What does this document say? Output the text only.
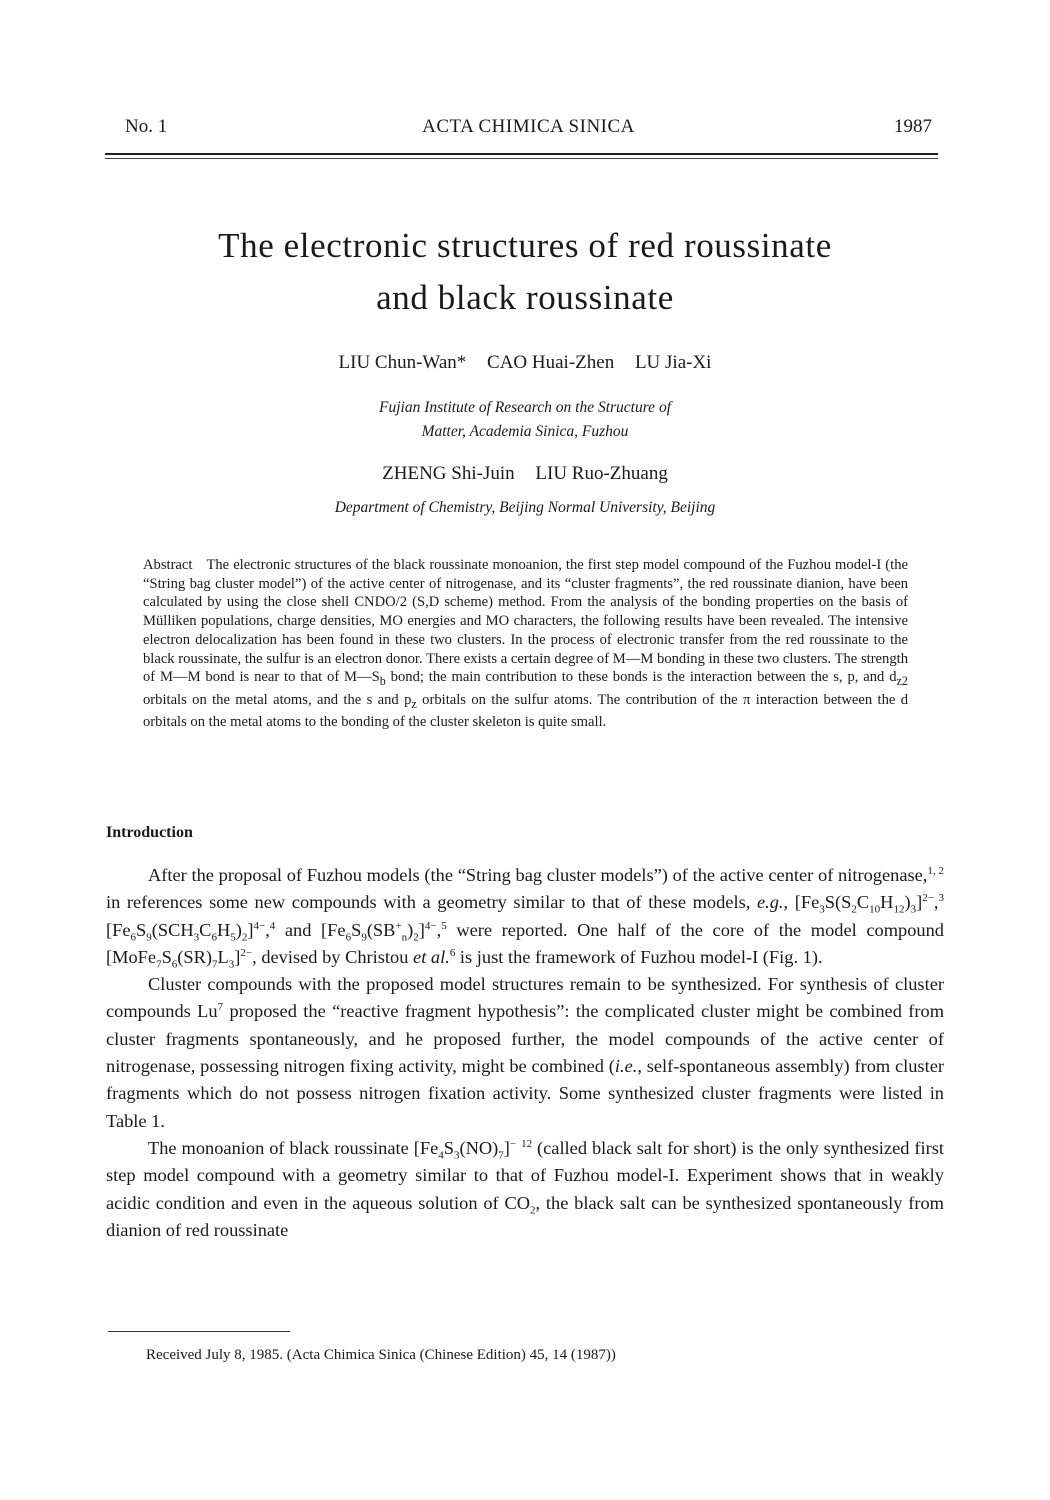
No. 1	ACTA CHIMICA SINICA	1987
The electronic structures of red roussinate
and black roussinate
LIU Chun-Wan* CAO Huai-Zhen LU Jia-Xi
Fujian Institute of Research on the Structure of
Matter, Academia Sinica, Fuzhou
ZHENG Shi-Juin LIU Ruo-Zhuang
Department of Chemistry, Beijing Normal University, Beijing
Abstract The electronic structures of the black roussinate monoanion, the first step model compound of the Fuzhou model-I (the “String bag cluster model”) of the active center of nitrogenase, and its “cluster fragments”, the red roussinate dianion, have been calculated by using the close shell CNDO/2 (S,D scheme) method. From the analysis of the bonding properties on the basis of Mülliken populations, charge densities, MO energies and MO characters, the following results have been revealed. The intensive electron delocalization has been found in these two clusters. In the process of electronic transfer from the red roussinate to the black roussinate, the sulfur is an electron donor. There exists a certain degree of M—M bonding in these two clusters. The strength of M—M bond is near to that of $M—S_b$ bond; the main contribution to these bonds is the interaction between the s, p, and $d_{z2}$ orbitals on the metal atoms, and the s and $p_z$ orbitals on the sulfur atoms. The contribution of the π interaction between the d orbitals on the metal atoms to the bonding of the cluster skeleton is quite small.
Introduction

After the proposal of Fuzhou models (the “String bag cluster models”) of the active center of nitrogenase,$^{1, 2}$ in references some new compounds with a geometry similar to that of these models, e.g., $[Fe_3S(S_2C_{10}H_{12})_3]^{2-},^3$ $[Fe_6S_9(SCH_3C_6H_5)_2]^{4-},^4$ and $[Fe_6S_9(SB^+_n)_2]^{4-},^5$ were reported. One half of the core of the model compound $[MoFe_7S_6(SR)_7L_3]^{2-}$, devised by Christou et al.$^6$ is just the framework of Fuzhou model-I (Fig. 1).

Cluster compounds with the proposed model structures remain to be synthesized. For synthesis of cluster compounds Lu$^7$ proposed the “reactive fragment hypothesis”: the complicated cluster might be combined from cluster fragments spontaneously, and he proposed further, the model compounds of the active center of nitrogenase, possessing nitrogen fixing activity, might be combined (i.e., self-spontaneous assembly) from cluster fragments which do not possess nitrogen fixation activity. Some synthesized cluster fragments were listed in Table 1.

The monoanion of black roussinate $[Fe_4S_3(NO)_7]^-$ $^{12}$ (called black salt for short) is the only synthesized first step model compound with a geometry similar to that of Fuzhou model-I. Experiment shows that in weakly acidic condition and even in the aqueous solution of $CO_2$, the black salt can be synthesized spontaneously from dianion of red roussinate

Received July 8, 1985. (Acta Chimica Sinica (Chinese Edition) 45, 14 (1987))
